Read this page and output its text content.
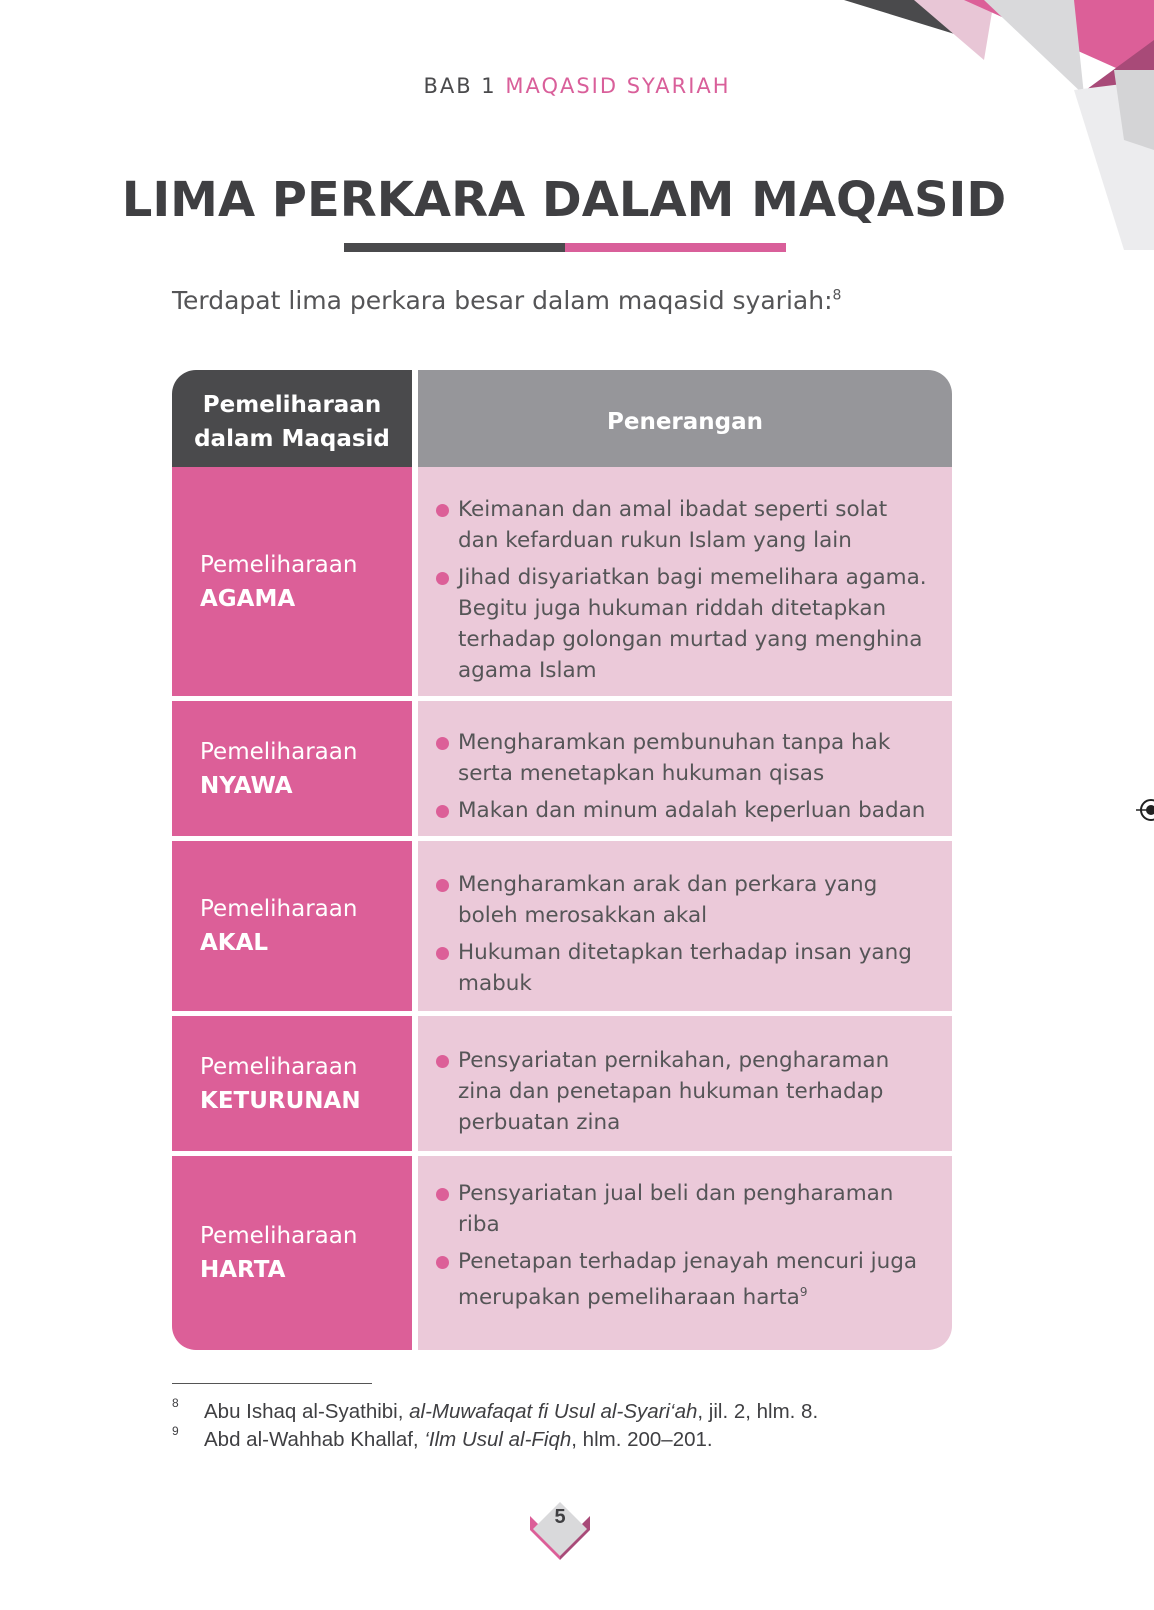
BAB 1 MAQASID SYARIAH
LIMA PERKARA DALAM MAQASID
Terdapat lima perkara besar dalam maqasid syariah:$^8$
Pemeliharaan dalam Maqasid
Penerangan
Pemeliharaan
AGAMA
Keimanan dan amal ibadat seperti solat dan kefarduan rukun Islam yang lain
Jihad disyariatkan bagi memelihara agama. Begitu juga hukuman riddah ditetapkan terhadap golongan murtad yang menghina agama Islam
Pemeliharaan
NYAWA
Mengharamkan pembunuhan tanpa hak serta menetapkan hukuman qisas
Makan dan minum adalah keperluan badan
Pemeliharaan
AKAL
Mengharamkan arak dan perkara yang boleh merosakkan akal
Hukuman ditetapkan terhadap insan yang mabuk
Pemeliharaan
KETURUNAN
Pensyariatan pernikahan, pengharaman zina dan penetapan hukuman terhadap perbuatan zina
Pemeliharaan
HARTA
Pensyariatan jual beli dan pengharaman riba
Penetapan terhadap jenayah mencuri juga merupakan pemeliharaan harta$^9$
8 Abu Ishaq al-Syathibi, al-Muwafaqat fi Usul al-Syari‘ah, jil. 2, hlm. 8.
9 Abd al-Wahhab Khallaf, ‘Ilm Usul al-Fiqh, hlm. 200–201.
5
